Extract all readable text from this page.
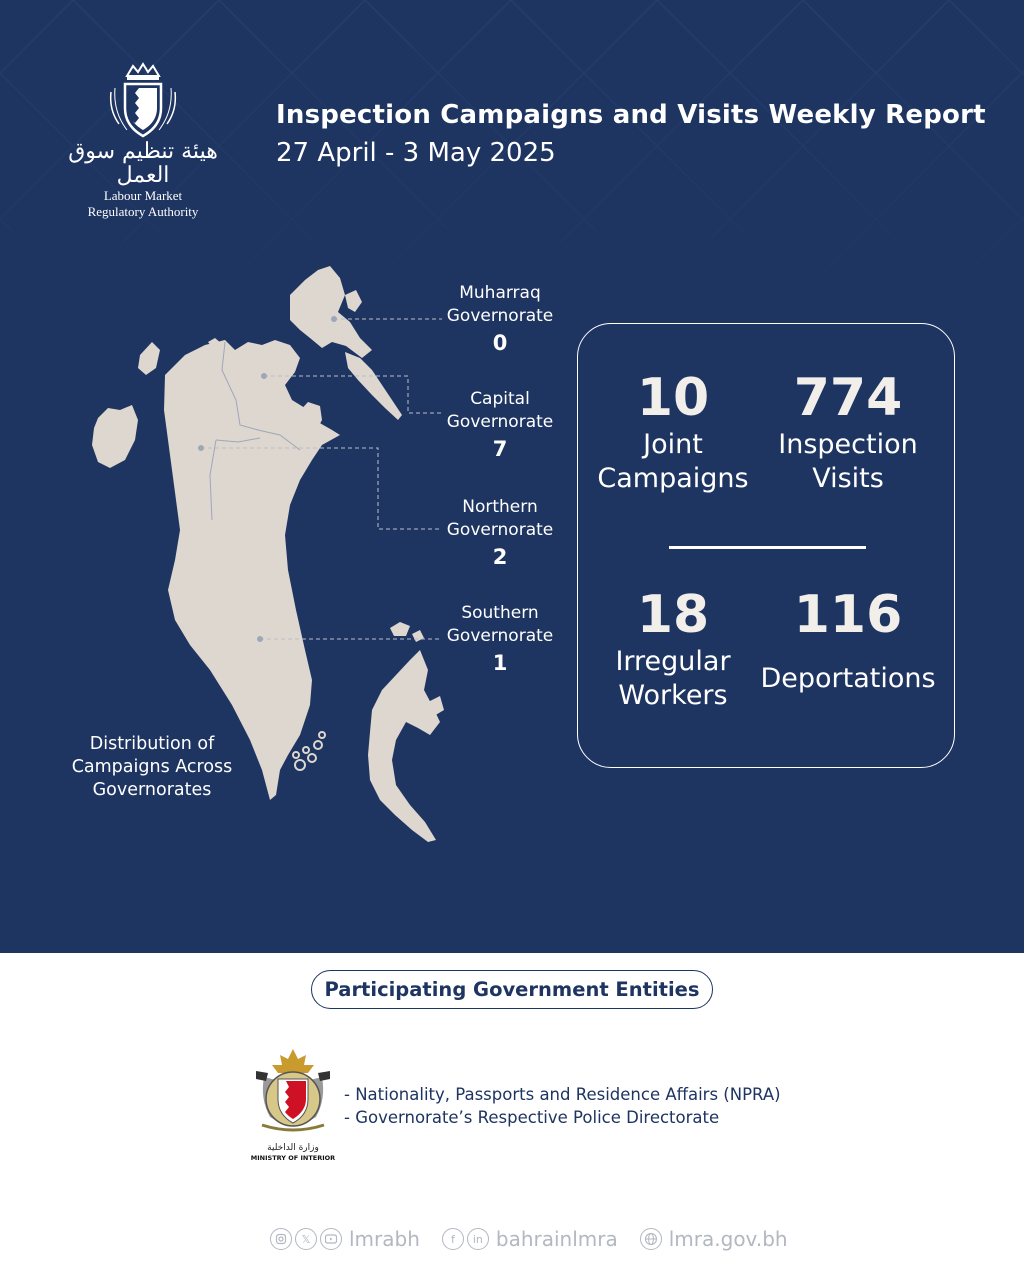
هيئة تنظيم سوق العمل
Labour Market
Regulatory Authority
Inspection Campaigns and Visits Weekly Report
27 April - 3 May 2025
Muharraq
Governorate
0
Capital
Governorate
7
Northern
Governorate
2
Southern
Governorate
1
Distribution of
Campaigns Across
Governorates
10
Joint
Campaigns
774
Inspection
Visits
18
Irregular
Workers
116
Deportations
Participating Government Entities
وزارة الداخلية
MINISTRY OF INTERIOR
- Nationality, Passports and Residence Affairs (NPRA)
- Governorate’s Respective Police Directorate
𝕏	lmrabh	f	in bahrainlmra	lmra.gov.bh
